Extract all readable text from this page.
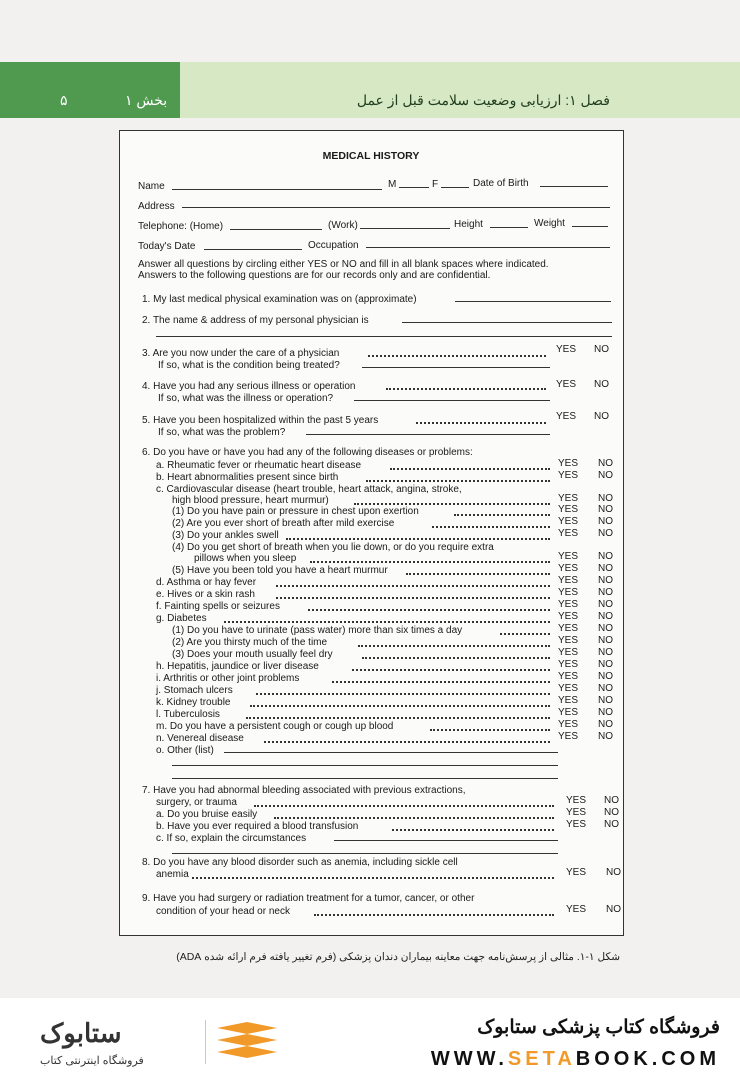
۵	بخش ۱	فصل ۱: ارزیابی وضعیت سلامت قبل از عمل
MEDICAL HISTORY
Name	M	F	Date of Birth
Address
Telephone: (Home)	(Work)	Height	Weight
Today's Date	Occupation
Answer all questions by circling either YES or NO and fill in all blank spaces where indicated.
Answers to the following questions are for our records only and are confidential.
1. My last medical physical examination was on (approximate)
2. The name & address of my personal physician is
3. Are you now under the care of a physician	YES NO
If so, what is the condition being treated?
4. Have you had any serious illness or operation	YES NO
If so, what was the illness or operation?
5. Have you been hospitalized within the past 5 years	YES NO
If so, what was the problem?
6. Do you have or have you had any of the following diseases or problems:
a. Rheumatic fever or rheumatic heart disease	YES NO
b. Heart abnormalities present since birth	YES NO
c. Cardiovascular disease (heart trouble, heart attack, angina, stroke,
high blood pressure, heart murmur)	YES NO
(1) Do you have pain or pressure in chest upon exertion	YES NO
(2) Are you ever short of breath after mild exercise	YES NO
(3) Do your ankles swell	YES NO
(4) Do you get short of breath when you lie down, or do you require extra
pillows when you sleep	YES NO
(5) Have you been told you have a heart murmur	YES NO
d. Asthma or hay fever	YES NO
e. Hives or a skin rash	YES NO
f. Fainting spells or seizures	YES NO
g. Diabetes	YES NO
(1) Do you have to urinate (pass water) more than six times a day	YES NO
(2) Are you thirsty much of the time	YES NO
(3) Does your mouth usually feel dry	YES NO
h. Hepatitis, jaundice or liver disease	YES NO
i. Arthritis or other joint problems	YES NO
j. Stomach ulcers	YES NO
k. Kidney trouble	YES NO
l. Tuberculosis	YES NO
m. Do you have a persistent cough or cough up blood	YES NO
n. Venereal disease	YES NO
o. Other (list)
7. Have you had abnormal bleeding associated with previous extractions,
surgery, or trauma	YES NO
a. Do you bruise easily	YES NO
b. Have you ever required a blood transfusion	YES NO
c. If so, explain the circumstances
8. Do you have any blood disorder such as anemia, including sickle cell
anemia	YES NO
9. Have you had surgery or radiation treatment for a tumor, cancer, or other
condition of your head or neck	YES NO
شکل ۱-۱. مثالی از پرسش‌نامه جهت معاینه بیماران دندان پزشکی (فرم تغییر یافته فرم ارائه شده ADA)
ستابوک
فروشگاه اینترنتی کتاب
فروشگاه کتاب پزشکی ستابوک
WWW.SETABOOK.COM
